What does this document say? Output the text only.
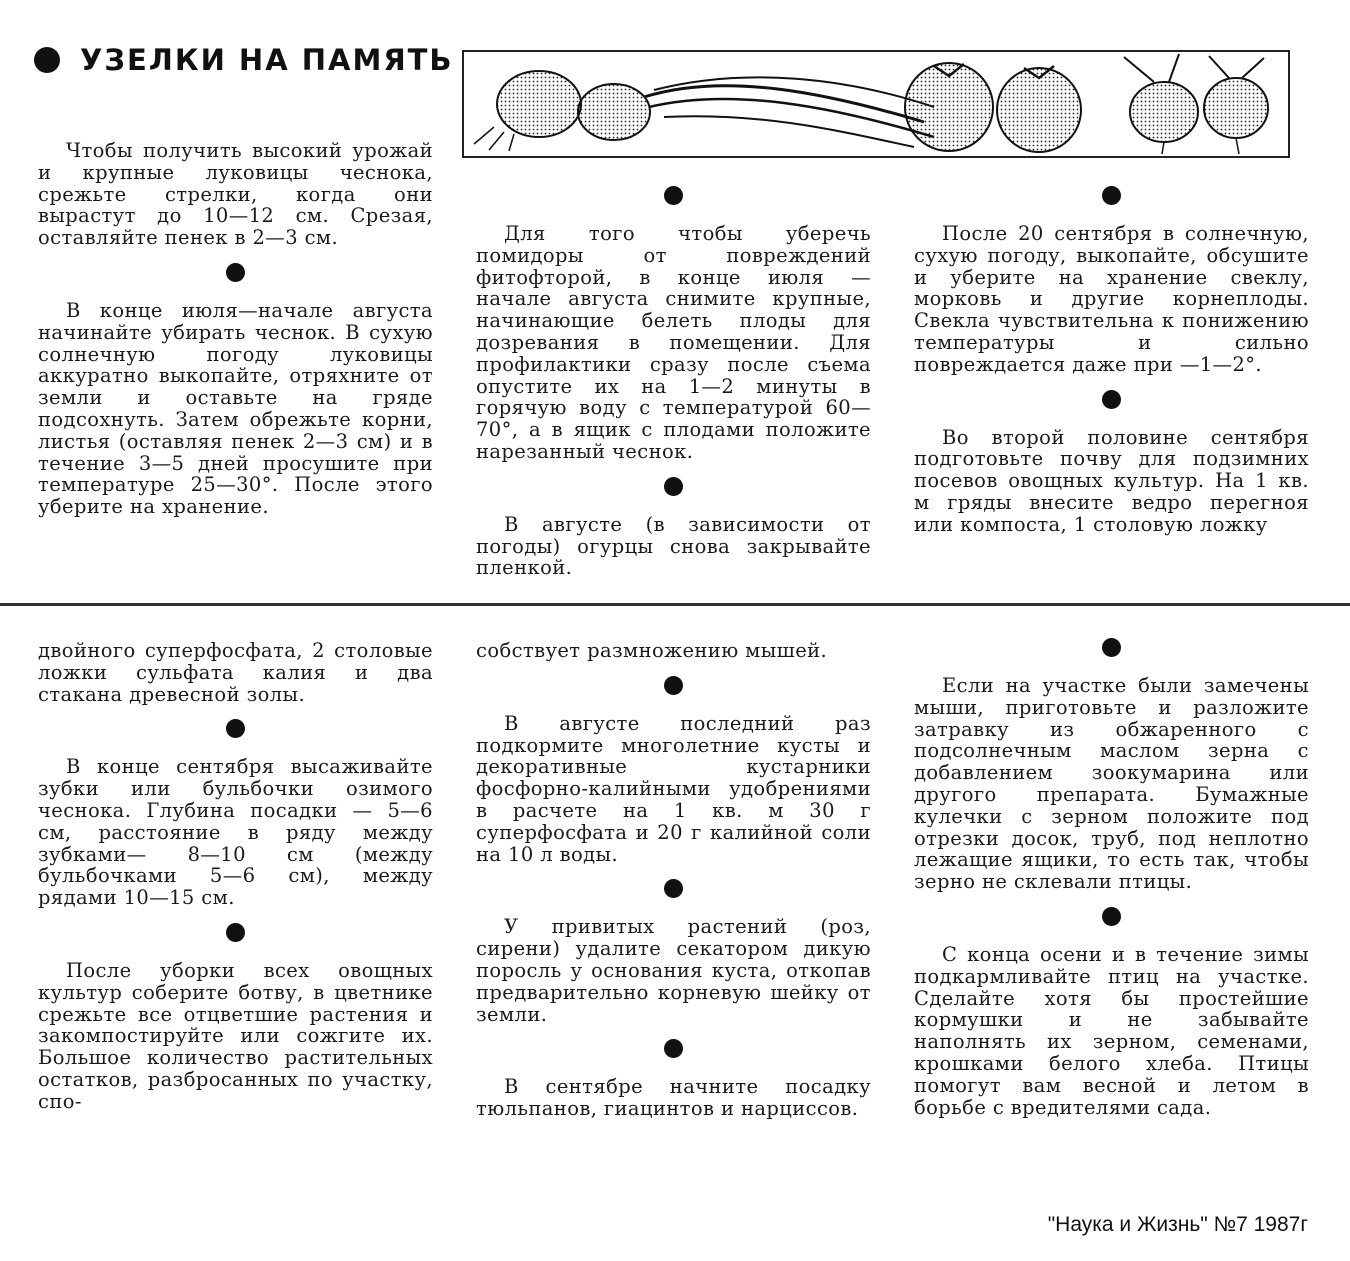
УЗЕЛКИ НА ПАМЯТЬ

Чтобы получить высокий урожай и крупные луковицы чеснока, срежьте стрелки, когда они вырастут до 10—12 см. Срезая, оставляйте пенек в 2—3 см.

В конце июля—начале августа начинайте убирать чеснок. В сухую солнечную погоду луковицы аккуратно выкопайте, отряхните от земли и оставьте на гряде подсохнуть. Затем обрежьте корни, листья (оставляя пенек 2—3 см) и в течение 3—5 дней просушите при температуре 25—30°. После этого уберите на хранение.

Для того чтобы уберечь помидоры от повреждений фитофторой, в конце июля — начале августа снимите крупные, начинающие белеть плоды для дозревания в помещении. Для профилактики сразу после съема опустите их на 1—2 минуты в горячую воду с температурой 60—70°, а в ящик с плодами положите нарезанный чеснок.

В августе (в зависимости от погоды) огурцы снова закрывайте пленкой.

После 20 сентября в солнечную, сухую погоду, выкопайте, обсушите и уберите на хранение свеклу, морковь и другие корнеплоды. Свекла чувствительна к понижению температуры и сильно повреждается даже при —1—2°.

Во второй половине сентября подготовьте почву для подзимних посевов овощных культур. На 1 кв. м гряды внесите ведро перегноя или компоста, 1 столовую ложку

двойного суперфосфата, 2 столовые ложки сульфата калия и два стакана древесной золы.

В конце сентября высаживайте зубки или бульбочки озимого чеснока. Глубина посадки — 5—6 см, расстояние в ряду между зубками— 8—10 см (между бульбочками 5—6 см), между рядами 10—15 см.

После уборки всех овощных культур соберите ботву, в цветнике срежьте все отцветшие растения и закомпостируйте или сожгите их. Большое количество растительных остатков, разбросанных по участку, спо-

собствует размножению мышей.

В августе последний раз подкормите многолетние кусты и декоративные кустарники фосфорно-калийными удобрениями в расчете на 1 кв. м 30 г суперфосфата и 20 г калийной соли на 10 л воды.

У привитых растений (роз, сирени) удалите секатором дикую поросль у основания куста, откопав предварительно корневую шейку от земли.

В сентябре начните посадку тюльпанов, гиацинтов и нарциссов.

Если на участке были замечены мыши, приготовьте и разложите затравку из обжаренного с подсолнечным маслом зерна с добавлением зоокумарина или другого препарата. Бумажные кулечки с зерном положите под отрезки досок, труб, под неплотно лежащие ящики, то есть так, чтобы зерно не склевали птицы.

С конца осени и в течение зимы подкармливайте птиц на участке. Сделайте хотя бы простейшие кормушки и не забывайте наполнять их зерном, семенами, крошками белого хлеба. Птицы помогут вам весной и летом в борьбе с вредителями сада.

"Наука и Жизнь" №7 1987г
